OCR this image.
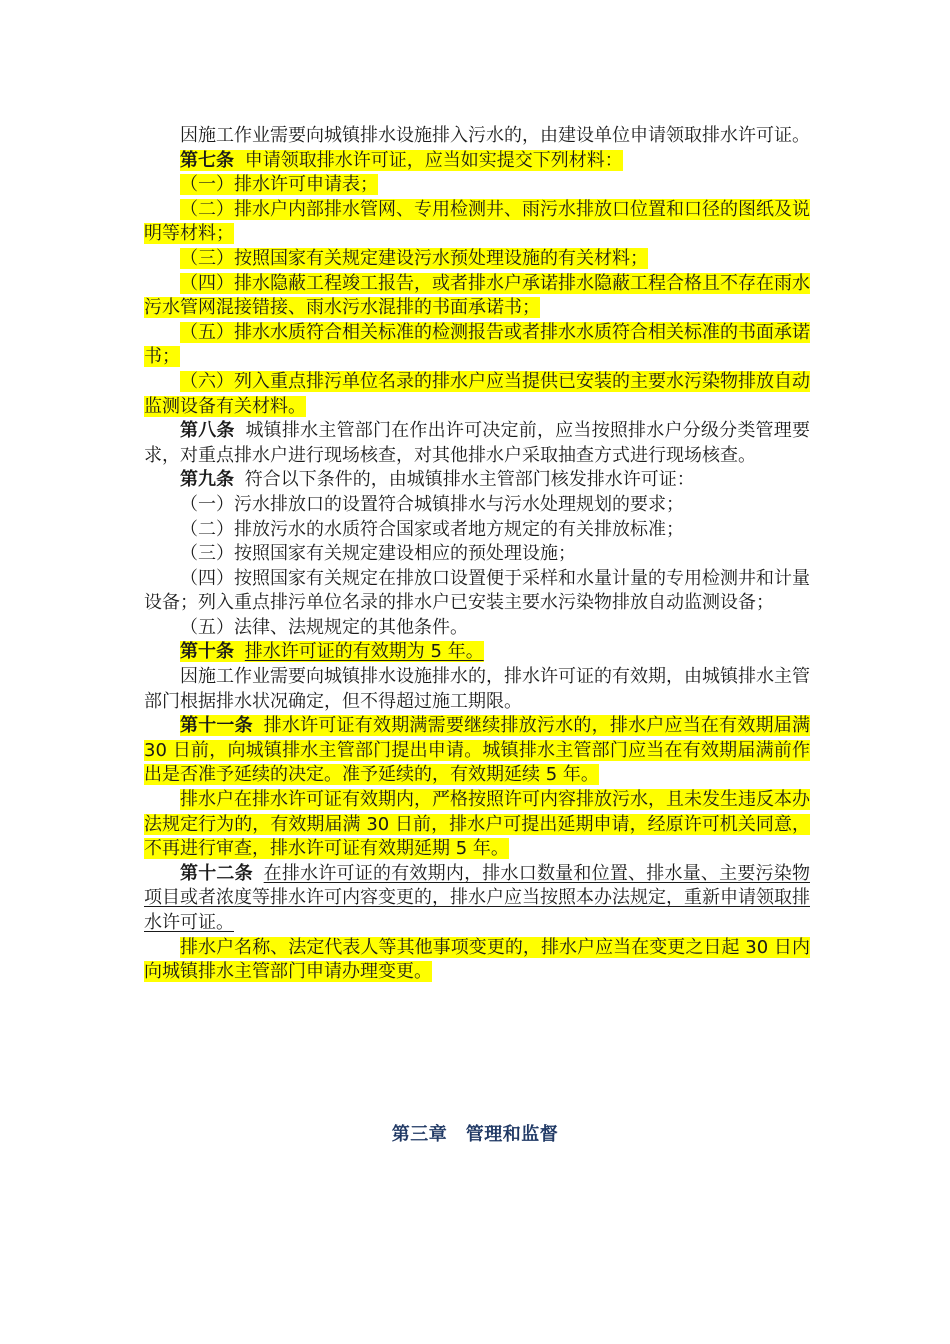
因施工作业需要向城镇排水设施排入污水的，由建设单位申请领取排水许可证。

第七条 申请领取排水许可证，应当如实提交下列材料：

（一）排水许可申请表；

（二）排水户内部排水管网、专用检测井、雨污水排放口位置和口径的图纸及说明等材料；

（三）按照国家有关规定建设污水预处理设施的有关材料；

（四）排水隐蔽工程竣工报告，或者排水户承诺排水隐蔽工程合格且不存在雨水污水管网混接错接、雨水污水混排的书面承诺书；

（五）排水水质符合相关标准的检测报告或者排水水质符合相关标准的书面承诺书；

（六）列入重点排污单位名录的排水户应当提供已安装的主要水污染物排放自动监测设备有关材料。

第八条 城镇排水主管部门在作出许可决定前，应当按照排水户分级分类管理要求，对重点排水户进行现场核查，对其他排水户采取抽查方式进行现场核查。

第九条 符合以下条件的，由城镇排水主管部门核发排水许可证：

（一）污水排放口的设置符合城镇排水与污水处理规划的要求；

（二）排放污水的水质符合国家或者地方规定的有关排放标准；

（三）按照国家有关规定建设相应的预处理设施；

（四）按照国家有关规定在排放口设置便于采样和水量计量的专用检测井和计量设备；列入重点排污单位名录的排水户已安装主要水污染物排放自动监测设备；

（五）法律、法规规定的其他条件。

第十条 排水许可证的有效期为 5 年。

因施工作业需要向城镇排水设施排水的，排水许可证的有效期，由城镇排水主管部门根据排水状况确定，但不得超过施工期限。

第十一条 排水许可证有效期满需要继续排放污水的，排水户应当在有效期届满 30 日前，向城镇排水主管部门提出申请。城镇排水主管部门应当在有效期届满前作出是否准予延续的决定。准予延续的，有效期延续 5 年。

排水户在排水许可证有效期内，严格按照许可内容排放污水，且未发生违反本办法规定行为的，有效期届满 30 日前，排水户可提出延期申请，经原许可机关同意，不再进行审查，排水许可证有效期延期 5 年。

第十二条 在排水许可证的有效期内，排水口数量和位置、排水量、主要污染物项目或者浓度等排水许可内容变更的，排水户应当按照本办法规定，重新申请领取排水许可证。

排水户名称、法定代表人等其他事项变更的，排水户应当在变更之日起 30 日内向城镇排水主管部门申请办理变更。

第三章　管理和监督
